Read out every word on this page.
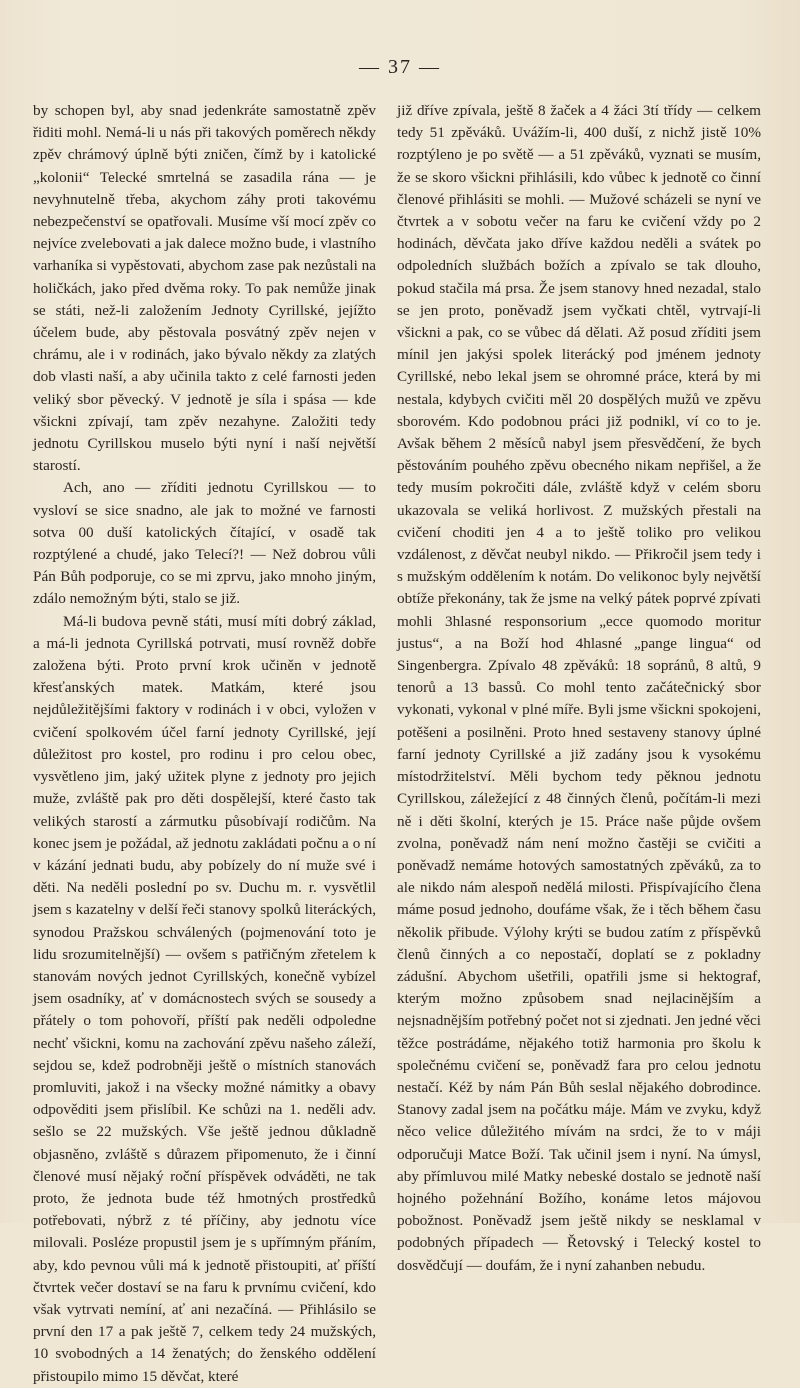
— 37 —

by schopen byl, aby snad jedenkráte samostatně zpěv řiditi mohl. Nemá-li u nás při takových poměrech někdy zpěv chrámový úplně býti zničen, čímž by i katolické „kolonii“ Telecké smrtelná se zasadila rána — je nevyhnutelně třeba, akychom záhy proti takovému nebezpečenství se opatřovali. Musíme vší mocí zpěv co nejvíce zvelebovati a jak dalece možno bude, i vlastního varhaníka si vypěstovati, abychom zase pak nezůstali na holičkách, jako před dvěma roky. To pak nemůže jinak se státi, než-li založením Jednoty Cyrillské, jejížto účelem bude, aby pěstovala posvátný zpěv nejen v chrámu, ale i v rodinách, jako bývalo někdy za zlatých dob vlasti naší, a aby učinila takto z celé farnosti jeden veliký sbor pěvecký. V jednotě je síla i spása — kde všickni zpívají, tam zpěv nezahyne. Založiti tedy jednotu Cyrillskou muselo býti nyní i naší největší starostí.

Ach, ano — zříditi jednotu Cyrillskou — to vysloví se sice snadno, ale jak to možné ve farnosti sotva 00 duší katolických čítající, v osadě tak rozptýlené a chudé, jako Telecí?! — Než dobrou vůli Pán Bůh podporuje, co se mi zprvu, jako mnoho jiným, zdálo nemožným býti, stalo se již.

Má-li budova pevně státi, musí míti dobrý základ, a má-li jednota Cyrillská potrvati, musí rovněž dobře založena býti. Proto první krok učiněn v jednotě křesťanských matek. Matkám, které jsou nejdůležitějšími faktory v rodinách i v obci, vyložen v cvičení spolkovém účel farní jednoty Cyrillské, její důležitost pro kostel, pro rodinu i pro celou obec, vysvětleno jim, jaký užitek plyne z jednoty pro jejich muže, zvláště pak pro děti dospělejší, které často tak velikých starostí a zármutku působívají rodičům. Na konec jsem je požádal, až jednotu zakládati počnu a o ní v kázání jednati budu, aby pobízely do ní muže své i děti. Na neděli poslední po sv. Duchu m. r. vysvětlil jsem s kazatelny v delší řeči stanovy spolků literáckých, synodou Pražskou schválených (pojmenování toto je lidu srozumitelnější) — ovšem s patřičným zřetelem k stanovám nových jednot Cyrillských, konečně vybízel jsem osadníky, ať v domácnostech svých se sousedy a přátely o tom pohovoří, příští pak neděli odpoledne nechť všickni, komu na zachování zpěvu našeho záleží, sejdou se, kdež podrobněji ještě o místních stanovách promluviti, jakož i na všecky možné námitky a obavy odpověditi jsem přislíbil. Ke schůzi na 1. neděli adv. sešlo se 22 mužských. Vše ještě jednou důkladně objasněno, zvláště s důrazem připomenuto, že i činní členové musí nějaký roční příspěvek odváděti, ne tak proto, že jednota bude též hmotných prostředků potřebovati, nýbrž z té příčiny, aby jednotu více milovali. Posléze propustil jsem je s upřímným přáním, aby, kdo pevnou vůli má k jednotě přistoupiti, ať příští čtvrtek večer dostaví se na faru k prvnímu cvičení, kdo však vytrvati nemíní, ať ani nezačíná. — Přihlásilo se první den 17 a pak ještě 7, celkem tedy 24 mužských, 10 svobodných a 14 ženatých; do ženského oddělení přistoupilo mimo 15 děvčat, které

již dříve zpívala, ještě 8 žaček a 4 žáci 3tí třídy — celkem tedy 51 zpěváků. Uvážím-li, 400 duší, z nichž jistě 10% rozptýleno je po světě — a 51 zpěváků, vyznati se musím, že se skoro všickni přihlásili, kdo vůbec k jednotě co činní členové přihlásiti se mohli. — Mužové scházeli se nyní ve čtvrtek a v sobotu večer na faru ke cvičení vždy po 2 hodinách, děvčata jako dříve každou neděli a svátek po odpoledních službách božích a zpívalo se tak dlouho, pokud stačila má prsa. Že jsem stanovy hned nezadal, stalo se jen proto, poněvadž jsem vyčkati chtěl, vytrvají-li všickni a pak, co se vůbec dá dělati. Až posud zříditi jsem mínil jen jakýsi spolek literácký pod jménem jednoty Cyrillské, nebo lekal jsem se ohromné práce, která by mi nestala, kdybych cvičiti měl 20 dospělých mužů ve zpěvu sborovém. Kdo podobnou práci již podnikl, ví co to je. Avšak během 2 měsíců nabyl jsem přesvědčení, že bych pěstováním pouhého zpěvu obecného nikam nepřišel, a že tedy musím pokročiti dále, zvláště když v celém sboru ukazovala se veliká horlivost. Z mužských přestali na cvičení choditi jen 4 a to ještě toliko pro velikou vzdálenost, z děvčat neubyl nikdo. — Přikročil jsem tedy i s mužským oddělením k notám. Do velikonoc byly největší obtíže překonány, tak že jsme na velký pátek poprvé zpívati mohli 3hlasné responsorium „ecce quomodo moritur justus“, a na Boží hod 4hlasné „pange lingua“ od Singenbergra. Zpívalo 48 zpěváků: 18 sopránů, 8 altů, 9 tenorů a 13 bassů. Co mohl tento začátečnický sbor vykonati, vykonal v plné míře. Byli jsme všickni spokojeni, potěšeni a posilněni. Proto hned sestaveny stanovy úplné farní jednoty Cyrillské a již zadány jsou k vysokému místodržitelství. Měli bychom tedy pěknou jednotu Cyrillskou, záležející z 48 činných členů, počítám-li mezi ně i děti školní, kterých je 15. Práce naše půjde ovšem zvolna, poněvadž nám není možno častěji se cvičiti a poněvadž nemáme hotových samostatných zpěváků, za to ale nikdo nám alespoň nedělá milosti. Přispívajícího člena máme posud jednoho, doufáme však, že i těch během času několik přibude. Výlohy krýti se budou zatím z příspěvků členů činných a co nepostačí, doplatí se z pokladny zádušní. Abychom ušetřili, opatřili jsme si hektograf, kterým možno způsobem snad nejlacinějším a nejsnadnějším potřebný počet not si zjednati. Jen jedné věci těžce postrádáme, nějakého totiž harmonia pro školu k společnému cvičení se, poněvadž fara pro celou jednotu nestačí. Kéž by nám Pán Bůh seslal nějakého dobrodince. Stanovy zadal jsem na počátku máje. Mám ve zvyku, když něco velice důležitého mívám na srdci, že to v máji odporučuji Matce Boží. Tak učinil jsem i nyní. Na úmysl, aby přímluvou milé Matky nebeské dostalo se jednotě naší hojného požehnání Božího, konáme letos májovou pobožnost. Poněvadž jsem ještě nikdy se nesklamal v podobných případech — Řetovský i Telecký kostel to dosvědčují — doufám, že i nyní zahanben nebudu.
